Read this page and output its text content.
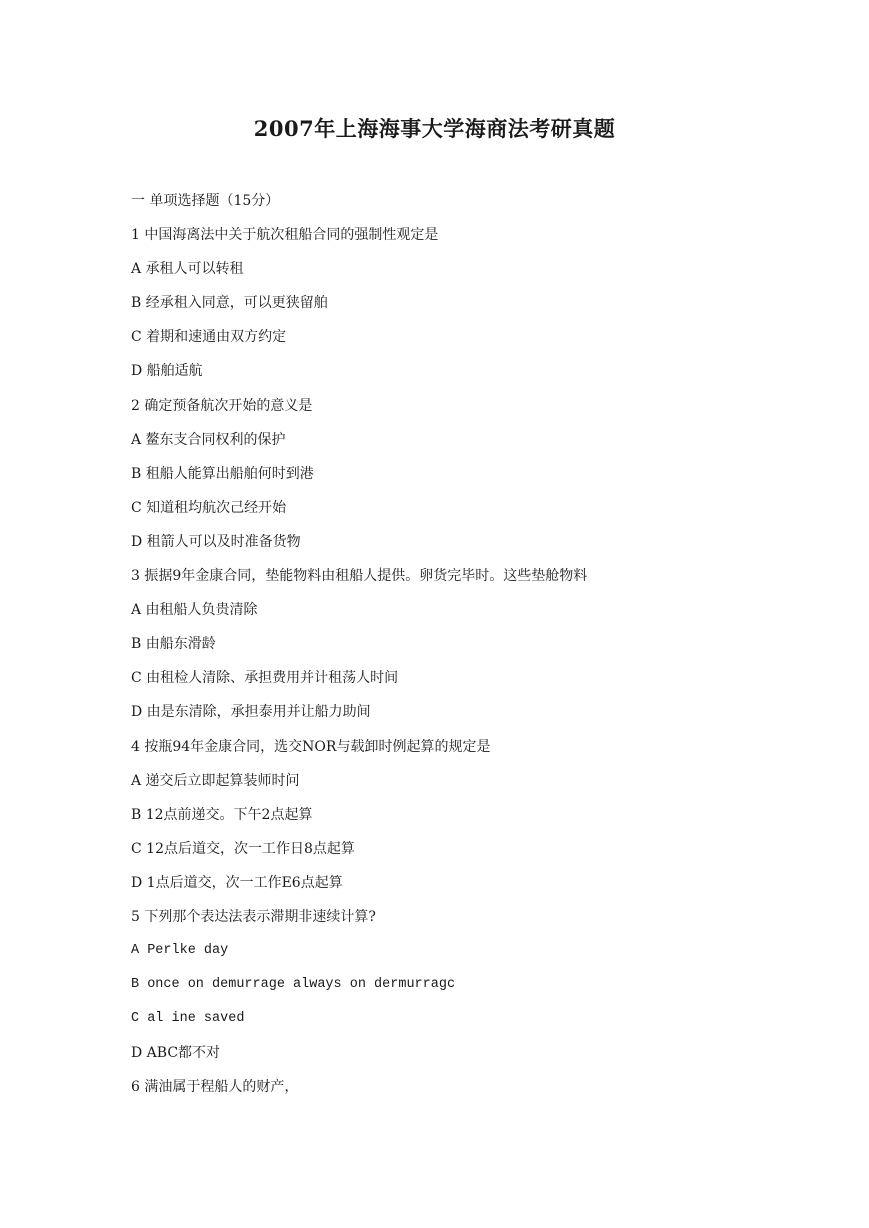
2007年上海海事大学海商法考研真题
一 单项选择题（15分）
1 中国海离法中关于航次租船合同的强制性观定是
A 承租人可以转租
B 经承租入同意，可以更狭留舶
C 着期和速通由双方约定
D 船舶适航
2 确定预备航次开始的意义是
A 鳌东支合同权利的保护
B 租船人能算出船舶何时到港
C 知道租均航次己经开始
D 租箭人可以及时准备货物
3 振据9年金康合同，垫能物料由租船人提供。卵货完毕时。这些垫舱物料
A 由租船人负贵清除
B 由船东滑龄
C 由租检人清除、承担费用并计租荡人时间
D 由是东清除，承担泰用并让船力助间
4 按瓶94年金康合同，选交NOR与载卸时例起算的规定是
A 递交后立即起算装师时问
B 12点前递交。下午2点起算
C 12点后道交，次一工作日8点起算
D 1点后道交，次一工作E6点起算
5 下列那个表达法表示滞期非速续计算?
A Perlke day
B once on demurrage always on dermurragc
C al ine saved
D ABC都不对
6 满油属于程船人的财产，
